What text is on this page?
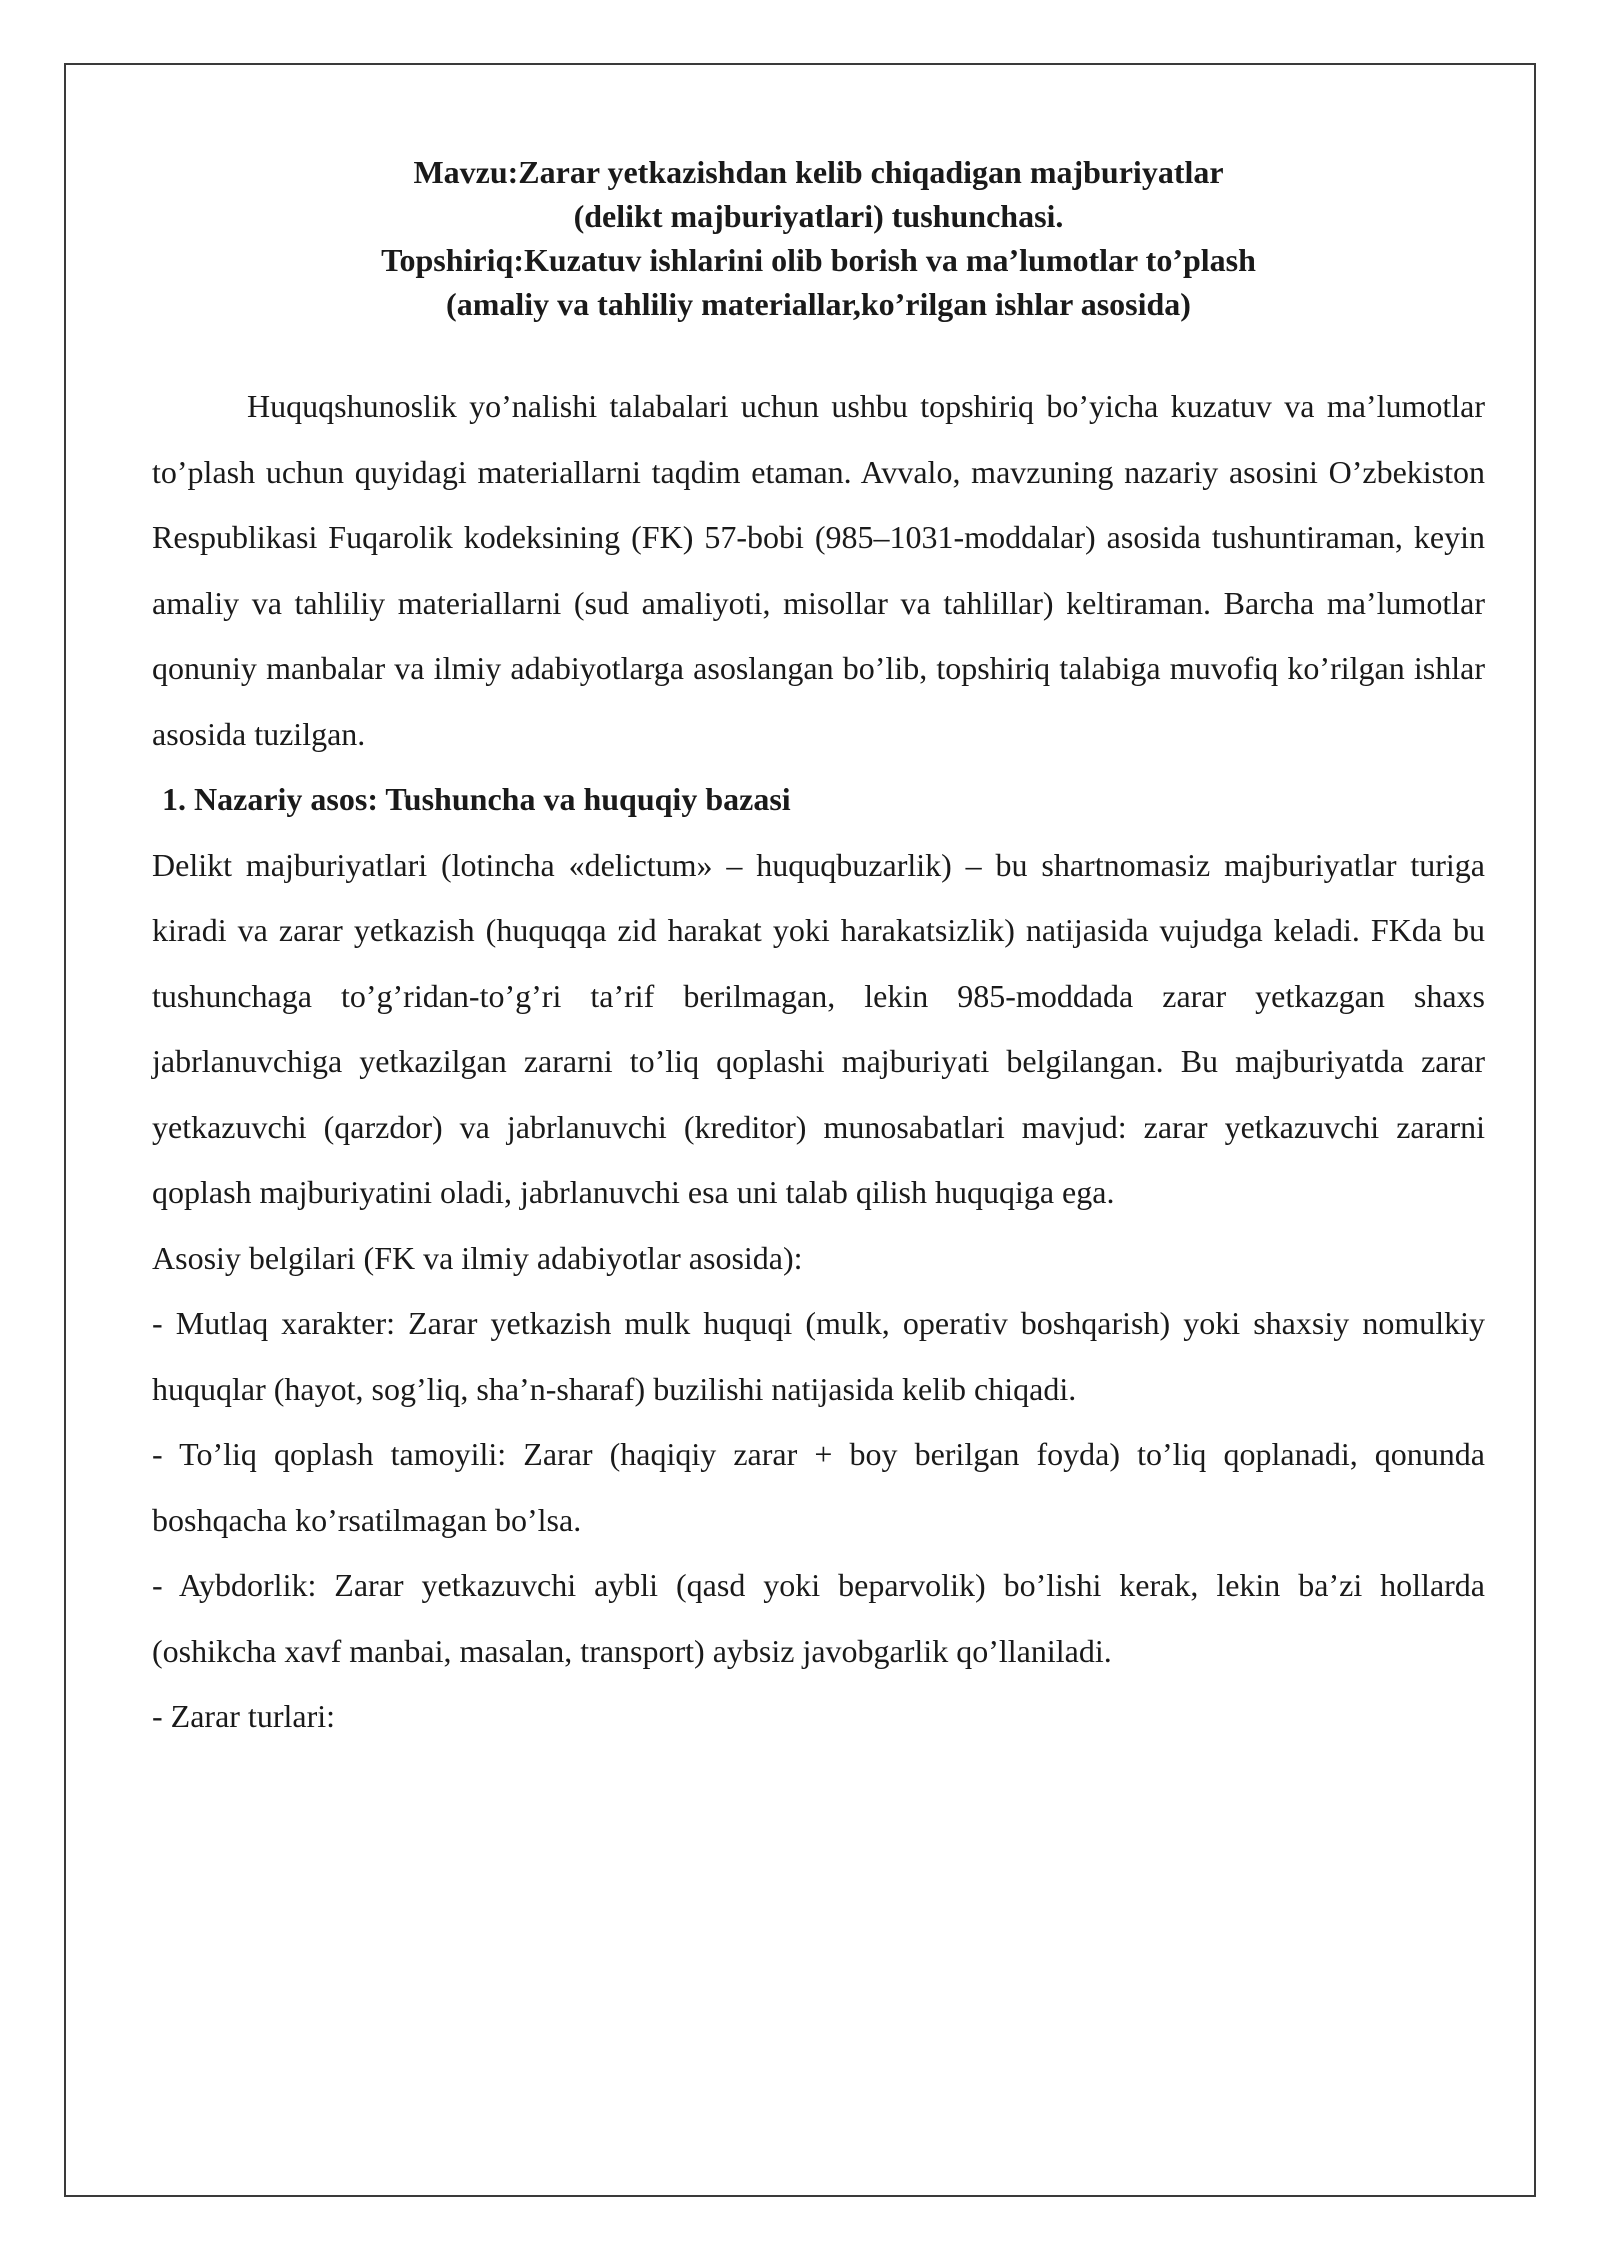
Mavzu:Zarar yetkazishdan kelib chiqadigan majburiyatlar
(delikt majburiyatlari) tushunchasi.
Topshiriq:Kuzatuv ishlarini olib borish va ma’lumotlar to’plash
(amaliy va tahliliy materiallar,ko’rilgan ishlar asosida)

Huquqshunoslik yo’nalishi talabalari uchun ushbu topshiriq bo’yicha kuzatuv va ma’lumotlar to’plash uchun quyidagi materiallarni taqdim etaman. Avvalo, mavzuning nazariy asosini O’zbekiston Respublikasi Fuqarolik kodeksining (FK) 57-bobi (985–1031-moddalar) asosida tushuntiraman, keyin amaliy va tahliliy materiallarni (sud amaliyoti, misollar va tahlillar) keltiraman. Barcha ma’lumotlar qonuniy manbalar va ilmiy adabiyotlarga asoslangan bo’lib, topshiriq talabiga muvofiq ko’rilgan ishlar asosida tuzilgan.

1. Nazariy asos: Tushuncha va huquqiy bazasi

Delikt majburiyatlari (lotincha «delictum» – huquqbuzarlik) – bu shartnomasiz majburiyatlar turiga kiradi va zarar yetkazish (huquqqa zid harakat yoki harakatsizlik) natijasida vujudga keladi. FKda bu tushunchaga to’g’ridan-to’g’ri ta’rif berilmagan, lekin 985-moddada zarar yetkazgan shaxs jabrlanuvchiga yetkazilgan zararni to’liq qoplashi majburiyati belgilangan. Bu majburiyatda zarar yetkazuvchi (qarzdor) va jabrlanuvchi (kreditor) munosabatlari mavjud: zarar yetkazuvchi zararni qoplash majburiyatini oladi, jabrlanuvchi esa uni talab qilish huquqiga ega.

Asosiy belgilari (FK va ilmiy adabiyotlar asosida):

- Mutlaq xarakter: Zarar yetkazish mulk huquqi (mulk, operativ boshqarish) yoki shaxsiy nomulkiy huquqlar (hayot, sog’liq, sha’n-sharaf) buzilishi natijasida kelib chiqadi.

- To’liq qoplash tamoyili: Zarar (haqiqiy zarar + boy berilgan foyda) to’liq qoplanadi, qonunda boshqacha ko’rsatilmagan bo’lsa.

- Aybdorlik: Zarar yetkazuvchi aybli (qasd yoki beparvolik) bo’lishi kerak, lekin ba’zi hollarda (oshikcha xavf manbai, masalan, transport) aybsiz javobgarlik qo’llaniladi.

- Zarar turlari:
